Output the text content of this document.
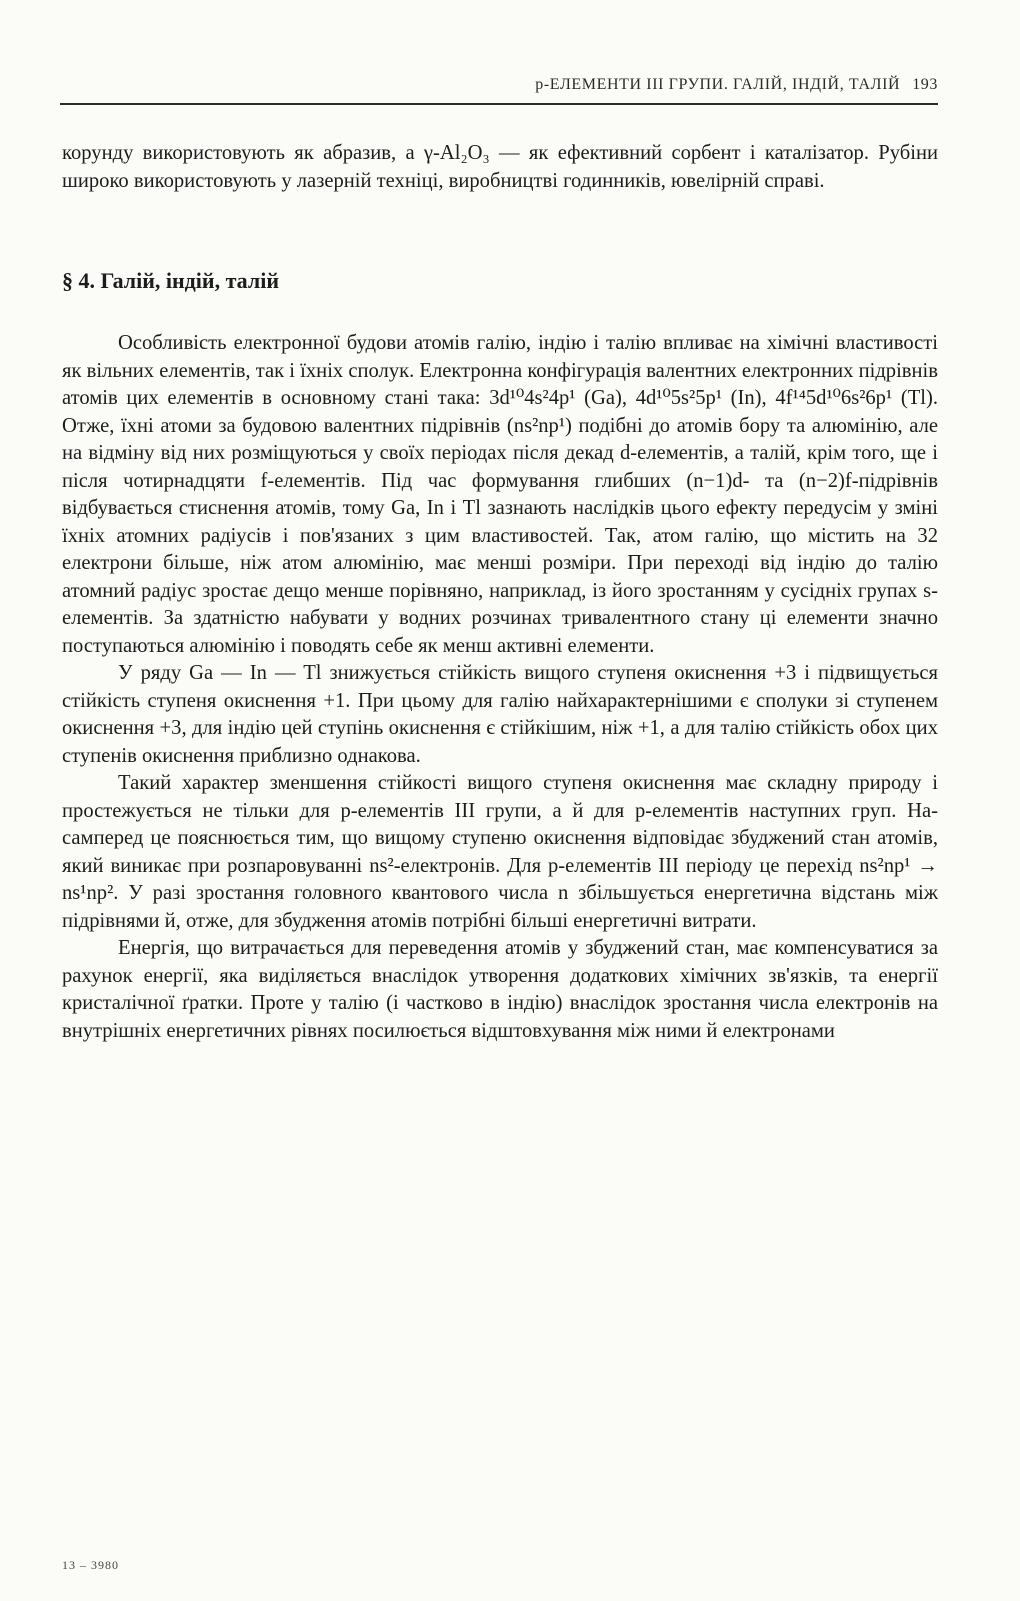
р-ЕЛЕМЕНТИ III ГРУПИ. ГАЛІЙ, ІНДІЙ, ТАЛІЙ 193

корунду використовують як абразив, а γ-Al₂O₃ — як ефективний сорбент і каталізатор. Рубіни широко використовують у лазерній техніці, виробництві годинників, ювелірній справі.

§ 4. Галій, індій, талій

Особливість електронної будови атомів галію, індію і талію впливає на хімічні властивості як вільних елементів, так і їхніх сполук. Електронна конфігурація валентних електронних підрівнів атомів цих елементів в основному стані така: 3d¹⁰4s²4p¹ (Ga), 4d¹⁰5s²5p¹ (In), 4f¹⁴5d¹⁰6s²6p¹ (Tl). Отже, їхні атоми за будовою валентних підрівнів (ns²np¹) подібні до атомів бору та алюмінію, але на відміну від них розміщуються у своїх періодах після декад d-елементів, а талій, крім того, ще і після чотирнадцяти f-елементів. Під час формування глибших (n−1)d- та (n−2)f-підрівнів відбувається стиснення атомів, тому Ga, In і Tl зазнають наслідків цього ефекту передусім у зміні їхніх атомних радіусів і пов'язаних з цим властивостей. Так, атом галію, що містить на 32 електрони більше, ніж атом алюмінію, має менші розміри. При переході від індію до талію атомний радіус зростає дещо менше порівняно, наприклад, із його зростанням у сусідніх групах s-елементів. За здатністю набувати у водних розчинах тривалентного стану ці елементи значно поступаються алюмінію і поводять себе як менш активні елементи.

У ряду Ga — In — Tl знижується стійкість вищого ступеня окиснення +3 і підвищується стійкість ступеня окиснення +1. При цьому для галію найхарактернішими є сполуки зі ступенем окиснення +3, для індію цей ступінь окиснення є стійкішим, ніж +1, а для талію стійкість обох цих ступенів окиснення приблизно однакова.

Такий характер зменшення стійкості вищого ступеня окиснення має складну природу і простежується не тільки для p-елементів III групи, а й для p-елементів наступних груп. Насамперед це пояснюється тим, що вищому ступеню окиснення відповідає збуджений стан атомів, який виникає при розпаровуванні ns²-електронів. Для p-елементів III періоду це перехід ns²np¹ → ns¹np². У разі зростання головного квантового числа n збільшується енергетична відстань між підрівнями й, отже, для збудження атомів потрібні більші енергетичні витрати.

Енергія, що витрачається для переведення атомів у збуджений стан, має компенсуватися за рахунок енергії, яка виділяється внаслідок утворення додаткових хімічних зв'язків, та енергії кристалічної ґратки. Проте у талію (і частково в індію) внаслідок зростання числа електронів на внутрішніх енергетичних рівнях посилюється відштовхування між ними й електронами

13 – 3980
